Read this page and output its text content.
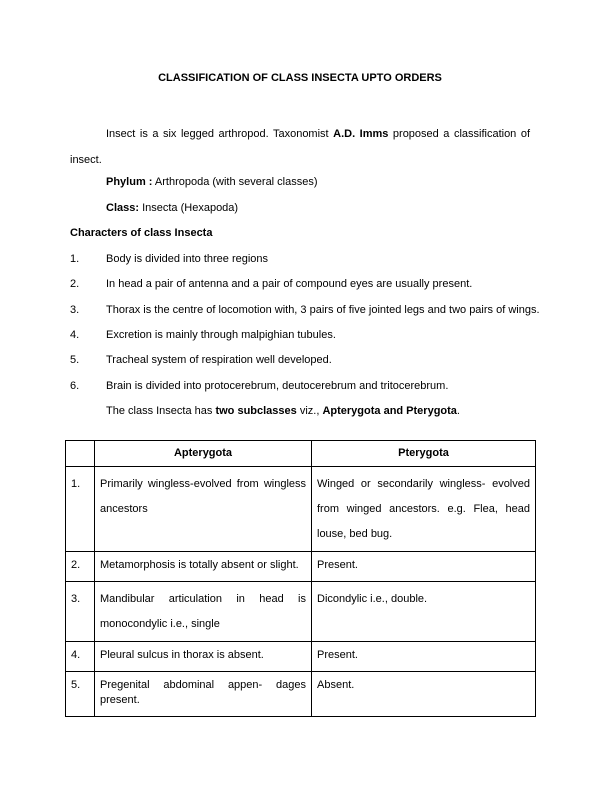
CLASSIFICATION OF CLASS INSECTA UPTO ORDERS
Insect is a six legged arthropod. Taxonomist A.D. Imms proposed a classification of insect.
Phylum : Arthropoda (with several classes)
Class: Insecta (Hexapoda)
Characters of class Insecta
1. Body is divided into three regions
2. In head a pair of antenna and a pair of compound eyes are usually present.
3. Thorax is the centre of locomotion with, 3 pairs of five jointed legs and two pairs of wings.
4. Excretion is mainly through malpighian tubules.
5. Tracheal system of respiration well developed.
6. Brain is divided into protocerebrum, deutocerebrum and tritocerebrum.
The class Insecta has two subclasses viz., Apterygota and Pterygota.
	Apterygota	Pterygota
1.	Primarily wingless-evolved from wingless ancestors	Winged or secondarily wingless- evolved from winged ancestors. e.g. Flea, head louse, bed bug.
2.	Metamorphosis is totally absent or slight.	Present.
3.	Mandibular articulation in head is monocondylic i.e., single	Dicondylic i.e., double.
4.	Pleural sulcus in thorax is absent.	Present.
5.	Pregenital abdominal appen- dages present.	Absent.
